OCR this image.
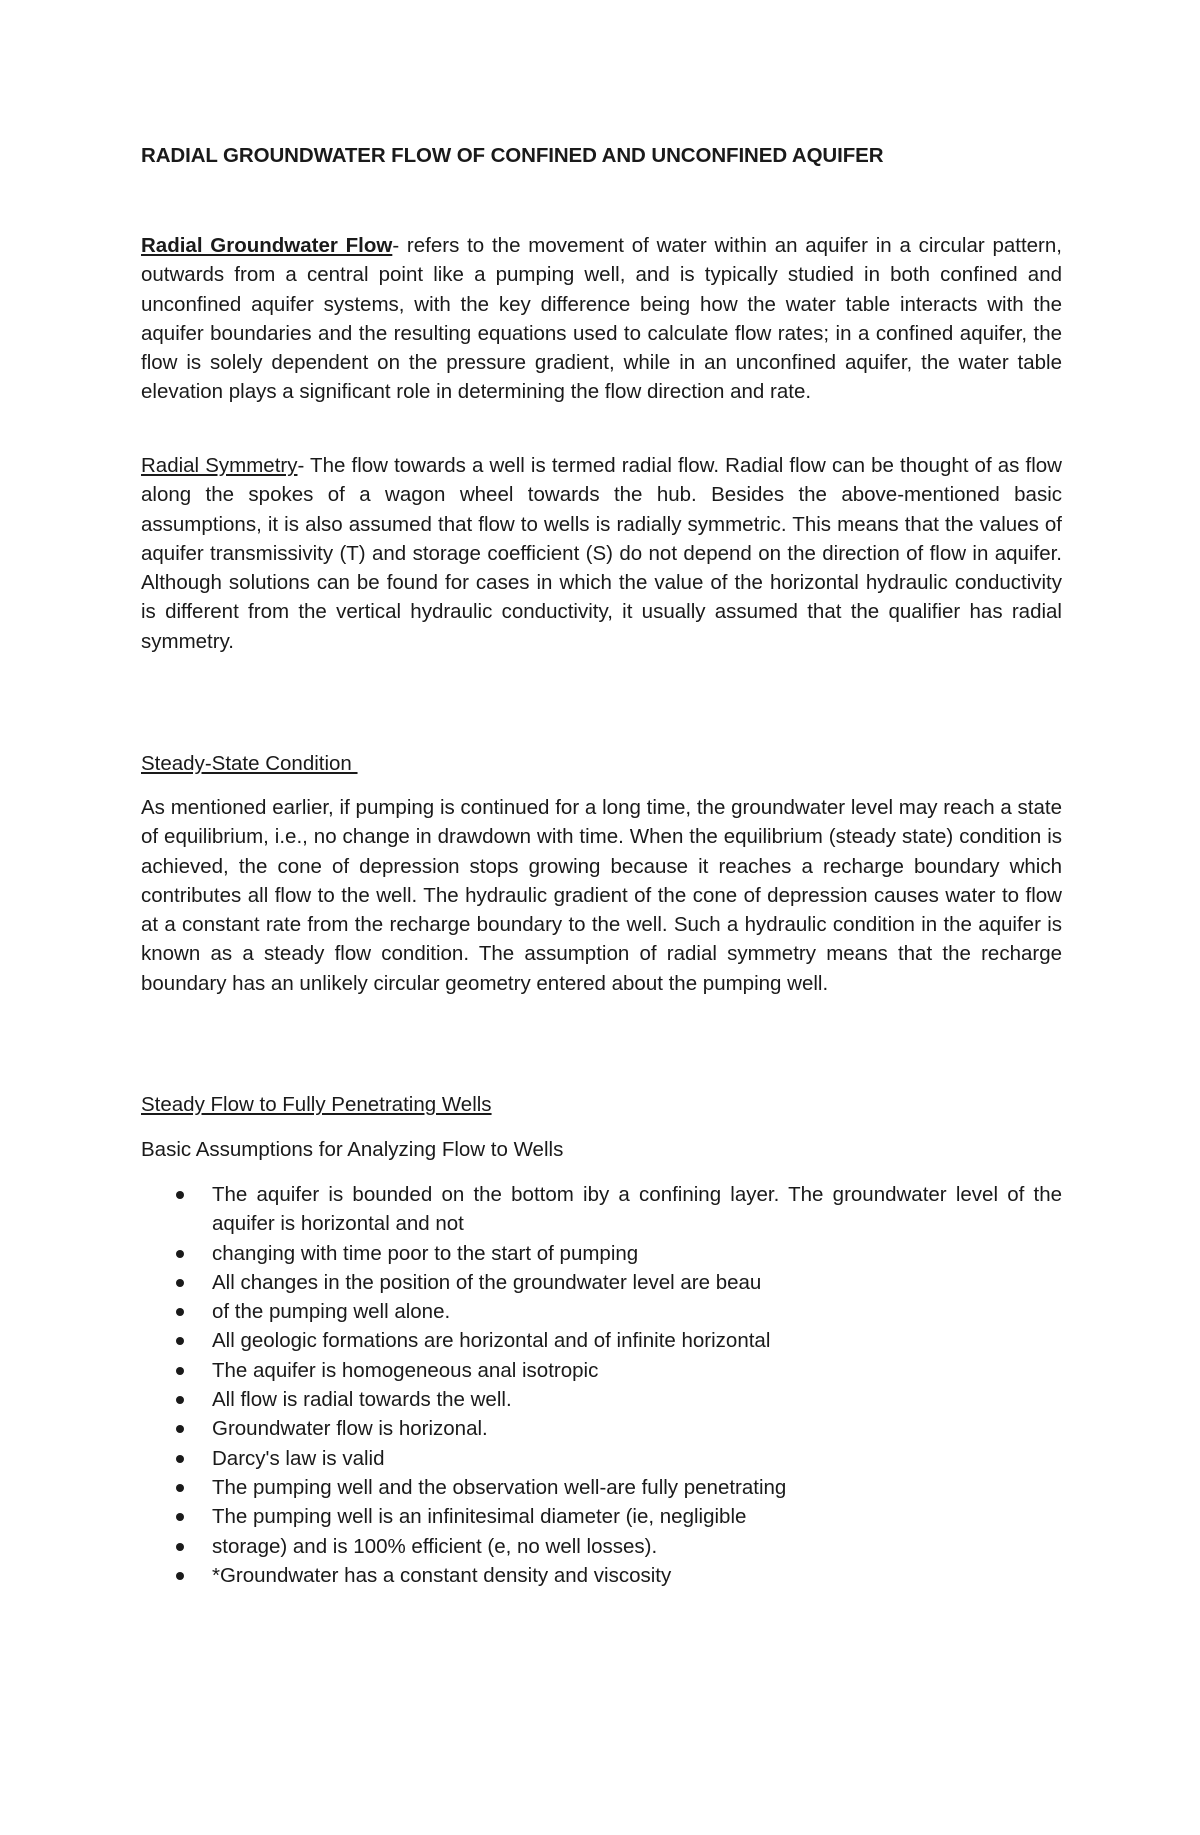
RADIAL GROUNDWATER FLOW OF CONFINED AND UNCONFINED AQUIFER

Radial Groundwater Flow- refers to the movement of water within an aquifer in a circular pattern, outwards from a central point like a pumping well, and is typically studied in both confined and unconfined aquifer systems, with the key difference being how the water table interacts with the aquifer boundaries and the resulting equations used to calculate flow rates; in a confined aquifer, the flow is solely dependent on the pressure gradient, while in an unconfined aquifer, the water table elevation plays a significant role in determining the flow direction and rate.

Radial Symmetry- The flow towards a well is termed radial flow. Radial flow can be thought of as flow along the spokes of a wagon wheel towards the hub. Besides the above-mentioned basic assumptions, it is also assumed that flow to wells is radially symmetric. This means that the values of aquifer transmissivity (T) and storage coefficient (S) do not depend on the direction of flow in aquifer. Although solutions can be found for cases in which the value of the horizontal hydraulic conductivity is different from the vertical hydraulic conductivity, it usually assumed that the qualifier has radial symmetry.

Steady-State Condition

As mentioned earlier, if pumping is continued for a long time, the groundwater level may reach a state of equilibrium, i.e., no change in drawdown with time. When the equilibrium (steady state) condition is achieved, the cone of depression stops growing because it reaches a recharge boundary which contributes all flow to the well. The hydraulic gradient of the cone of depression causes water to flow at a constant rate from the recharge boundary to the well. Such a hydraulic condition in the aquifer is known as a steady flow condition. The assumption of radial symmetry means that the recharge boundary has an unlikely circular geometry entered about the pumping well.

Steady Flow to Fully Penetrating Wells
Basic Assumptions for Analyzing Flow to Wells
The aquifer is bounded on the bottom iby a confining layer. The groundwater level of the aquifer is horizontal and not
changing with time poor to the start of pumping
All changes in the position of the groundwater level are beau
of the pumping well alone.
All geologic formations are horizontal and of infinite horizontal
The aquifer is homogeneous anal isotropic
All flow is radial towards the well.
Groundwater flow is horizonal.
Darcy's law is valid
The pumping well and the observation well-are fully penetrating
The pumping well is an infinitesimal diameter (ie, negligible
storage) and is 100% efficient (e, no well losses).
*Groundwater has a constant density and viscosity
